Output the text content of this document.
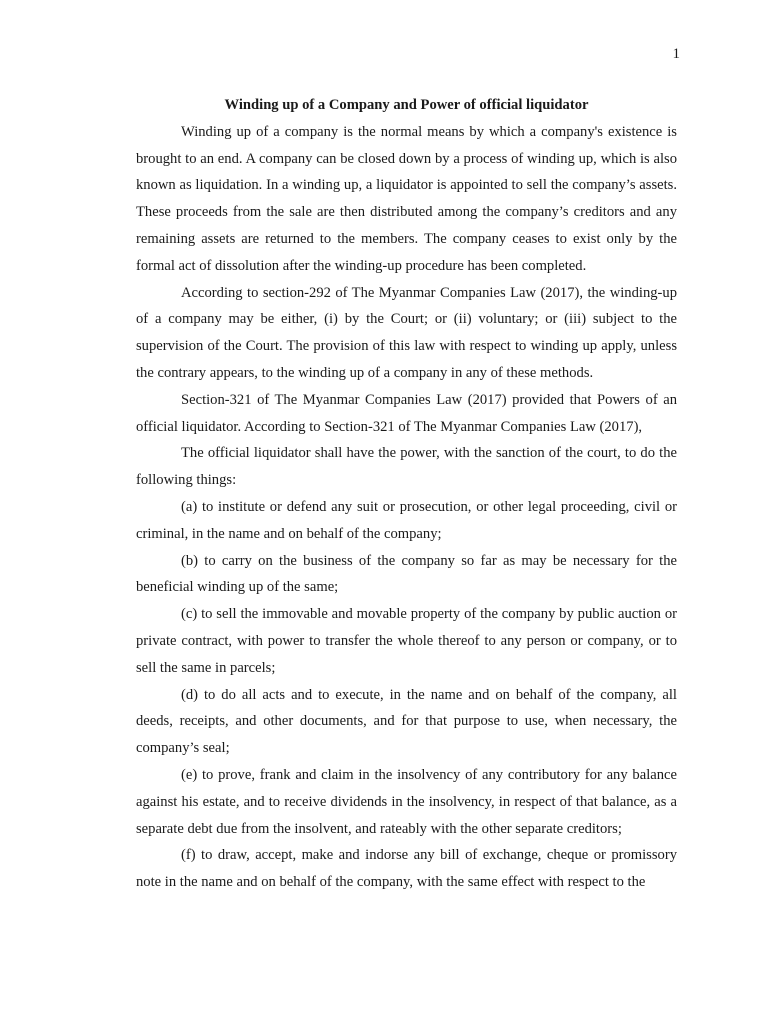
1

Winding up of a Company and Power of official liquidator

Winding up of a company is the normal means by which a company's existence is brought to an end. A company can be closed down by a process of winding up, which is also known as liquidation. In a winding up, a liquidator is appointed to sell the company’s assets. These proceeds from the sale are then distributed among the company’s creditors and any remaining assets are returned to the members. The company ceases to exist only by the formal act of dissolution after the winding-up procedure has been completed.

According to section-292 of The Myanmar Companies Law (2017), the winding-up of a company may be either, (i) by the Court; or (ii) voluntary; or (iii) subject to the supervision of the Court. The provision of this law with respect to winding up apply, unless the contrary appears, to the winding up of a company in any of these methods.

Section-321 of The Myanmar Companies Law (2017) provided that Powers of an official liquidator. According to Section-321 of The Myanmar Companies Law (2017),

The official liquidator shall have the power, with the sanction of the court, to do the following things:

(a) to institute or defend any suit or prosecution, or other legal proceeding, civil or criminal, in the name and on behalf of the company;

(b) to carry on the business of the company so far as may be necessary for the beneficial winding up of the same;

(c) to sell the immovable and movable property of the company by public auction or private contract, with power to transfer the whole thereof to any person or company, or to sell the same in parcels;

(d) to do all acts and to execute, in the name and on behalf of the company, all deeds, receipts, and other documents, and for that purpose to use, when necessary, the company’s seal;

(e) to prove, frank and claim in the insolvency of any contributory for any balance against his estate, and to receive dividends in the insolvency, in respect of that balance, as a separate debt due from the insolvent, and rateably with the other separate creditors;

(f) to draw, accept, make and indorse any bill of exchange, cheque or promissory note in the name and on behalf of the company, with the same effect with respect to the
